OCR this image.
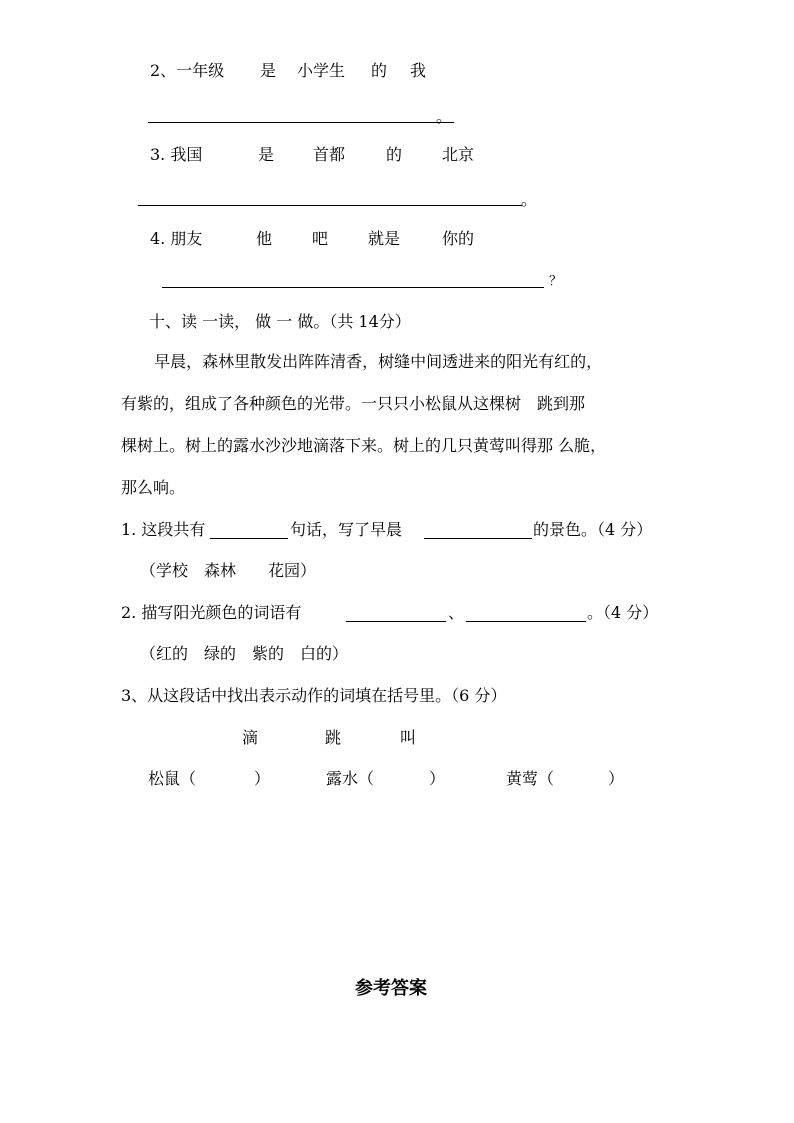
2、一年级 是 小学生 的 我
。
3. 我国	是 首都	的 北京
。
4. 朋友	他 吧 就是	你的
？
十、读 一读， 做 一 做。（共 14分）
早晨，森林里散发出阵阵清香，树缝中间透进来的阳光有红的，
有紫的，组成了各种颜色的光带。一只只小松鼠从这棵树　跳到那
棵树上。树上的露水沙沙地滴落下来。树上的几只黄莺叫得那 么脆，
那么响。
1. 这段共有	句话，写了早晨	的景色。（4 分）
（学校　森林　　花园）
2. 描写阳光颜色的词语有	、	。（4 分）
（红的　绿的　紫的　白的）
3、从这段话中找出表示动作的词填在括号里。（6 分）
滴	跳	叫
松鼠（	）	露水（	）	黄莺（	）
参考答案
